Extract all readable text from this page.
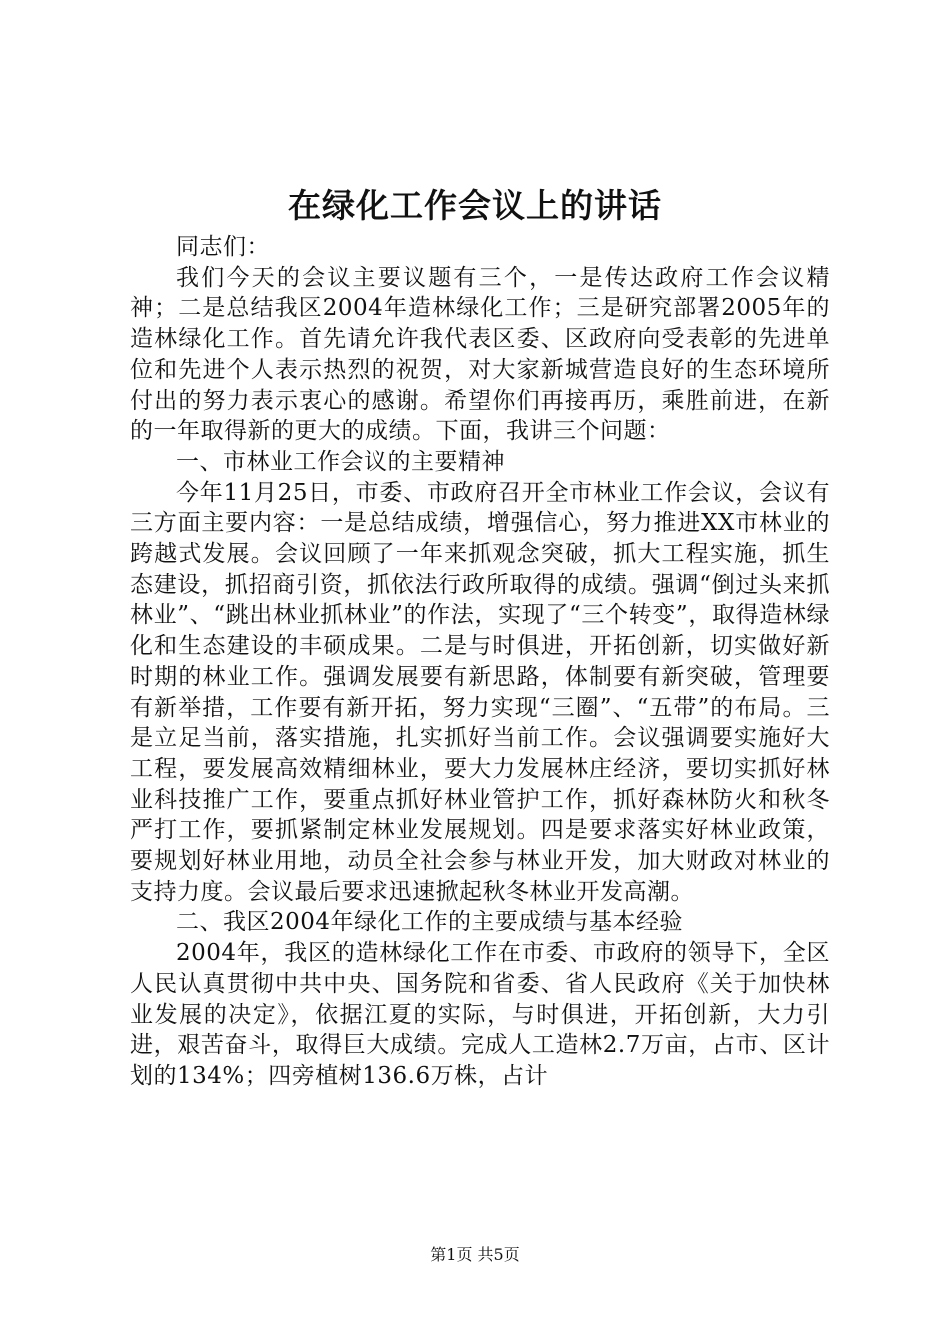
在绿化工作会议上的讲话

同志们：

我们今天的会议主要议题有三个，一是传达政府工作会议精神；二是总结我区2004年造林绿化工作；三是研究部署2005年的造林绿化工作。首先请允许我代表区委、区政府向受表彰的先进单位和先进个人表示热烈的祝贺，对大家新城营造良好的生态环境所付出的努力表示衷心的感谢。希望你们再接再历，乘胜前进，在新的一年取得新的更大的成绩。下面，我讲三个问题：

一、市林业工作会议的主要精神

今年11月25日，市委、市政府召开全市林业工作会议，会议有三方面主要内容：一是总结成绩，增强信心，努力推进XX市林业的跨越式发展。会议回顾了一年来抓观念突破，抓大工程实施，抓生态建设，抓招商引资，抓依法行政所取得的成绩。强调“倒过头来抓林业”、“跳出林业抓林业”的作法，实现了“三个转变”，取得造林绿化和生态建设的丰硕成果。二是与时俱进，开拓创新，切实做好新时期的林业工作。强调发展要有新思路，体制要有新突破，管理要有新举措，工作要有新开拓，努力实现“三圈”、“五带”的布局。三是立足当前，落实措施，扎实抓好当前工作。会议强调要实施好大工程，要发展高效精细林业，要大力发展林庄经济，要切实抓好林业科技推广工作，要重点抓好林业管护工作，抓好森林防火和秋冬严打工作，要抓紧制定林业发展规划。四是要求落实好林业政策，要规划好林业用地，动员全社会参与林业开发，加大财政对林业的支持力度。会议最后要求迅速掀起秋冬林业开发高潮。

二、我区2004年绿化工作的主要成绩与基本经验

2004年，我区的造林绿化工作在市委、市政府的领导下，全区人民认真贯彻中共中央、国务院和省委、省人民政府《关于加快林业发展的决定》，依据江夏的实际，与时俱进，开拓创新，大力引进，艰苦奋斗，取得巨大成绩。完成人工造林2.7万亩，占市、区计划的134%；四旁植树136.6万株，占计

第1页 共5页
